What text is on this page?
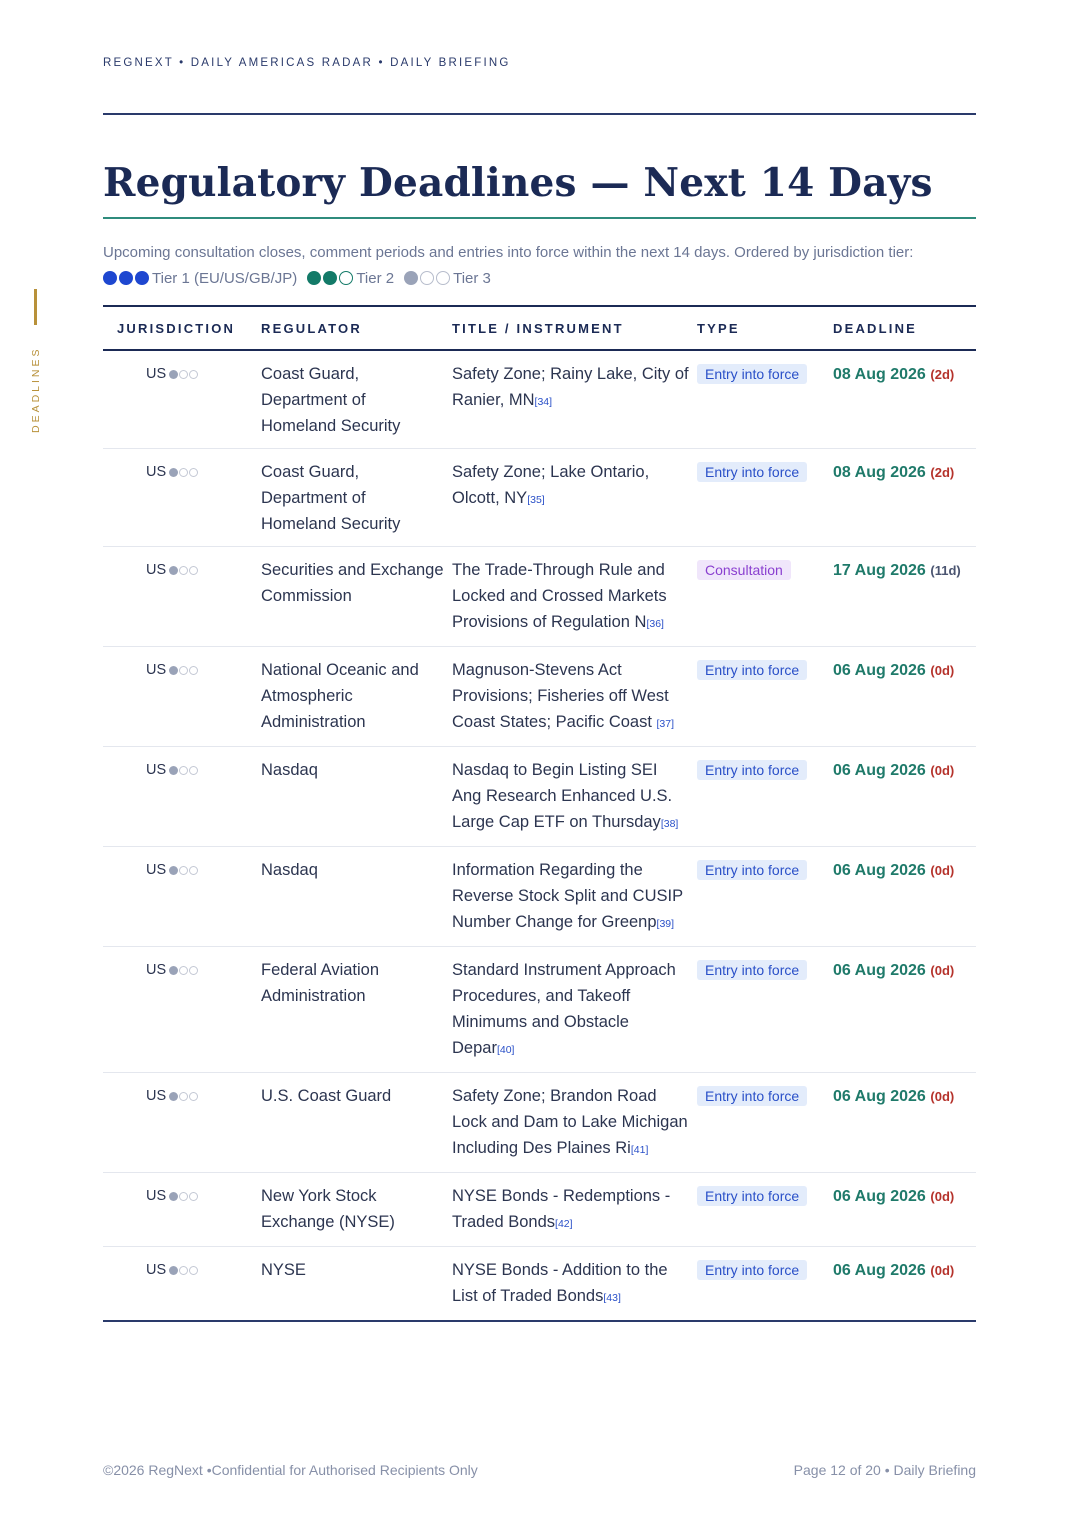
REGNEXT • DAILY AMERICAS RADAR • DAILY BRIEFING
DEADLINES
Regulatory Deadlines — Next 14 Days
Upcoming consultation closes, comment periods and entries into force within the next 14 days. Ordered by jurisdiction tier:
Tier 1 (EU/US/GB/JP)	Tier 2	Tier 3
JURISDICTION	REGULATOR	TITLE / INSTRUMENT	TYPE	DEADLINE

US	Coast Guard, Department of Homeland Security	Safety Zone; Rainy Lake, City of Ranier, MN[34]	Entry into force	08 Aug 2026 (2d)

US	Coast Guard, Department of Homeland Security	Safety Zone; Lake Ontario, Olcott, NY[35]	Entry into force	08 Aug 2026 (2d)

US	Securities and Exchange Commission	The Trade-Through Rule and Locked and Crossed Markets Provisions of Regulation N[36]	Consultation	17 Aug 2026 (11d)

US	National Oceanic and Atmospheric Administration	Magnuson-Stevens Act Provisions; Fisheries off West Coast States; Pacific Coast [37]	Entry into force	06 Aug 2026 (0d)

US	Nasdaq	Nasdaq to Begin Listing SEI Ang Research Enhanced U.S. Large Cap ETF on Thursday[38]	Entry into force	06 Aug 2026 (0d)

US	Nasdaq	Information Regarding the Reverse Stock Split and CUSIP Number Change for Greenp[39]	Entry into force	06 Aug 2026 (0d)

US	Federal Aviation Administration	Standard Instrument Approach Procedures, and Takeoff Minimums and Obstacle Depar[40]	Entry into force	06 Aug 2026 (0d)

US	U.S. Coast Guard	Safety Zone; Brandon Road Lock and Dam to Lake Michigan Including Des Plaines Ri[41]	Entry into force	06 Aug 2026 (0d)

US	New York Stock Exchange (NYSE)	NYSE Bonds - Redemptions - Traded Bonds[42]	Entry into force	06 Aug 2026 (0d)

US	NYSE	NYSE Bonds - Addition to the List of Traded Bonds[43]	Entry into force	06 Aug 2026 (0d)
©2026 RegNext •Confidential for Authorised Recipients Only	Page 12 of 20 • Daily Briefing
